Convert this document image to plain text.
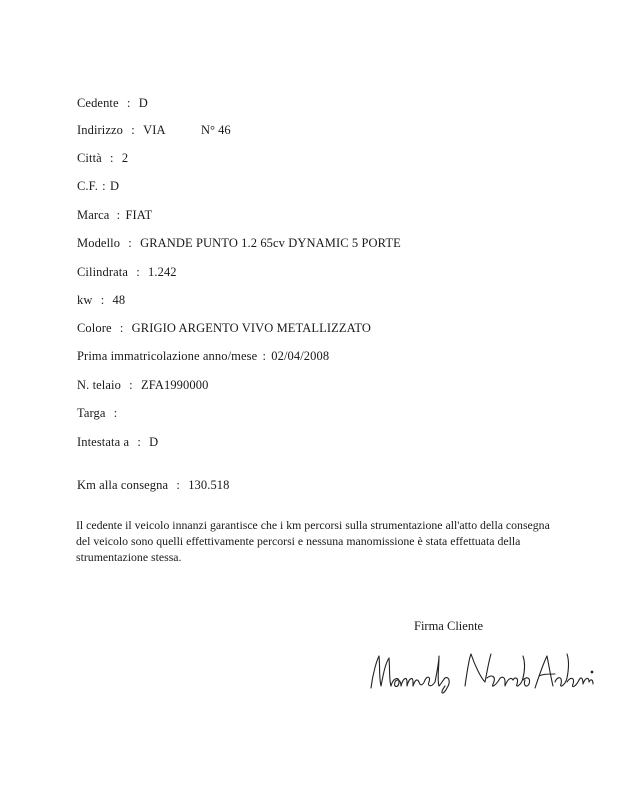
Cedente : D
Indirizzo : VIA	N° 46
Città : 2
C.F. : D
Marca : FIAT
Modello : GRANDE PUNTO 1.2 65cv DYNAMIC 5 PORTE
Cilindrata : 1.242
kw : 48
Colore : GRIGIO ARGENTO VIVO METALLIZZATO
Prima immatricolazione anno/mese : 02/04/2008
N. telaio : ZFA1990000
Targa :
Intestata a : D
Km alla consegna : 130.518

Il cedente il veicolo innanzi garantisce che i km percorsi sulla strumentazione all'atto della consegna del veicolo sono quelli effettivamente percorsi e nessuna manomissione è stata effettuata della strumentazione stessa.

Firma Cliente
